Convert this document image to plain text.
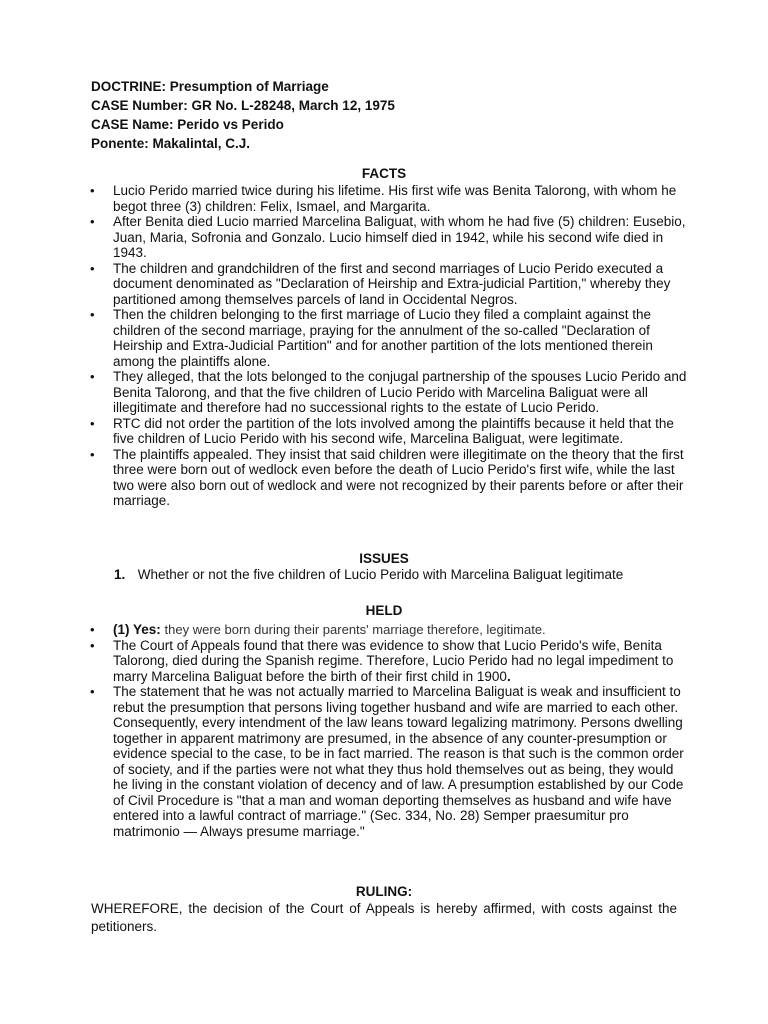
DOCTRINE: Presumption of Marriage
CASE Number: GR No. L-28248, March 12, 1975
CASE Name: Perido vs Perido
Ponente: Makalintal, C.J.
FACTS
• Lucio Perido married twice during his lifetime. His first wife was Benita Talorong, with whom he begot three (3) children: Felix, Ismael, and Margarita.
• After Benita died Lucio married Marcelina Baliguat, with whom he had five (5) children: Eusebio, Juan, Maria, Sofronia and Gonzalo. Lucio himself died in 1942, while his second wife died in 1943.
• The children and grandchildren of the first and second marriages of Lucio Perido executed a document denominated as "Declaration of Heirship and Extra-judicial Partition," whereby they partitioned among themselves parcels of land in Occidental Negros.
• Then the children belonging to the first marriage of Lucio they filed a complaint against the children of the second marriage, praying for the annulment of the so-called "Declaration of Heirship and Extra-Judicial Partition" and for another partition of the lots mentioned therein among the plaintiffs alone.
• They alleged, that the lots belonged to the conjugal partnership of the spouses Lucio Perido and Benita Talorong, and that the five children of Lucio Perido with Marcelina Baliguat were all illegitimate and therefore had no successional rights to the estate of Lucio Perido.
• RTC did not order the partition of the lots involved among the plaintiffs because it held that the five children of Lucio Perido with his second wife, Marcelina Baliguat, were legitimate.
• The plaintiffs appealed. They insist that said children were illegitimate on the theory that the first three were born out of wedlock even before the death of Lucio Perido's first wife, while the last two were also born out of wedlock and were not recognized by their parents before or after their marriage.
ISSUES
1. Whether or not the five children of Lucio Perido with Marcelina Baliguat legitimate
HELD
• (1) Yes: they were born during their parents' marriage therefore, legitimate.
• The Court of Appeals found that there was evidence to show that Lucio Perido's wife, Benita Talorong, died during the Spanish regime. Therefore, Lucio Perido had no legal impediment to marry Marcelina Baliguat before the birth of their first child in 1900.
• The statement that he was not actually married to Marcelina Baliguat is weak and insufficient to rebut the presumption that persons living together husband and wife are married to each other. Consequently, every intendment of the law leans toward legalizing matrimony. Persons dwelling together in apparent matrimony are presumed, in the absence of any counter-presumption or evidence special to the case, to be in fact married. The reason is that such is the common order of society, and if the parties were not what they thus hold themselves out as being, they would he living in the constant violation of decency and of law. A presumption established by our Code of Civil Procedure is "that a man and woman deporting themselves as husband and wife have entered into a lawful contract of marriage." (Sec. 334, No. 28) Semper praesumitur pro matrimonio — Always presume marriage."
RULING:
WHEREFORE, the decision of the Court of Appeals is hereby affirmed, with costs against the petitioners.
